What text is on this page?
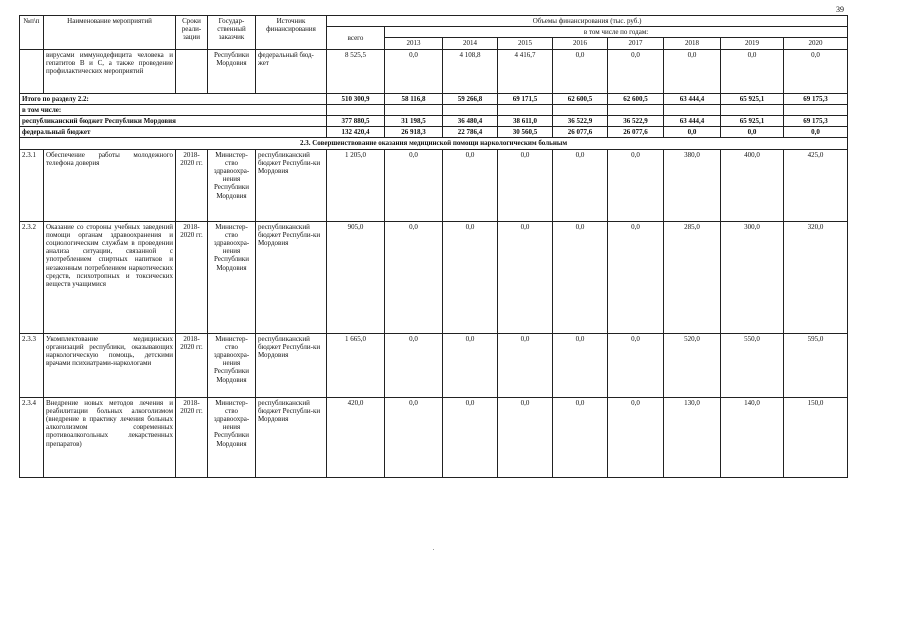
39
№п\п	Наименование мероприятий	Сроки реали-зации	Государ-ственный заказчик	Источник финансирования	Объемы финансирования (тыс. руб.)								
					всего	в том числе по годам:							
						2013	2014	2015	2016	2017	2018	2019	2020
	вирусами иммунодефицита человека и гепатитов В и С, а также проведение профилактических мероприятий		Республики Мордовия	федеральный бюд-жет	8 525,5	0,0	4 108,8	4 416,7	0,0	0,0	0,0	0,0	0,0
Итого по разделу 2.2:					510 300,9	58 116,8	59 266,8	69 171,5	62 600,5	62 600,5	63 444,4	65 925,1	69 175,3
в том числе:													
республиканский бюджет Республики Мордовия					377 880,5	31 198,5	36 480,4	38 611,0	36 522,9	36 522,9	63 444,4	65 925,1	69 175,3
федеральный бюджет					132 420,4	26 918,3	22 786,4	30 560,5	26 077,6	26 077,6	0,0	0,0	0,0
2.3. Совершенствование оказания медицинской помощи наркологическим больным													
2.3.1	Обеспечение работы молодежного телефона доверия	2018-2020 гг.	Министер-ство здравоохра-нения Республики Мордовия	республиканский бюджет Республи-ки Мордовия	1 205,0	0,0	0,0	0,0	0,0	0,0	380,0	400,0	425,0
2.3.2	Оказание со стороны учебных заведений помощи органам здравоохранения и социологическим службам в проведении анализа ситуации, связанной с употреблением спиртных напитков и незаконным потреблением наркотических средств, психотропных и токсических веществ учащимися	2018-2020 гг.	Министер-ство здравоохра-нения Республики Мордовия	республиканский бюджет Республи-ки Мордовия	905,0	0,0	0,0	0,0	0,0	0,0	285,0	300,0	320,0
2.3.3	Укомплектование медицинских организаций республики, оказывающих наркологическую помощь, детскими врачами психиатрами-наркологами	2018-2020 гг.	Министер-ство здравоохра-нения Республики Мордовия	республиканский бюджет Республи-ки Мордовия	1 665,0	0,0	0,0	0,0	0,0	0,0	520,0	550,0	595,0
2.3.4	Внедрение новых методов лечения и реабилитации больных алкоголизмом (внедрение в практику лечения больных алкоголизмом современных противоалкогольных лекарственных препаратов)	2018-2020 гг.	Министер-ство здравоохра-нения Республики Мордовия	республиканский бюджет Республи-ки Мордовия	420,0	0,0	0,0	0,0	0,0	0,0	130,0	140,0	150,0
